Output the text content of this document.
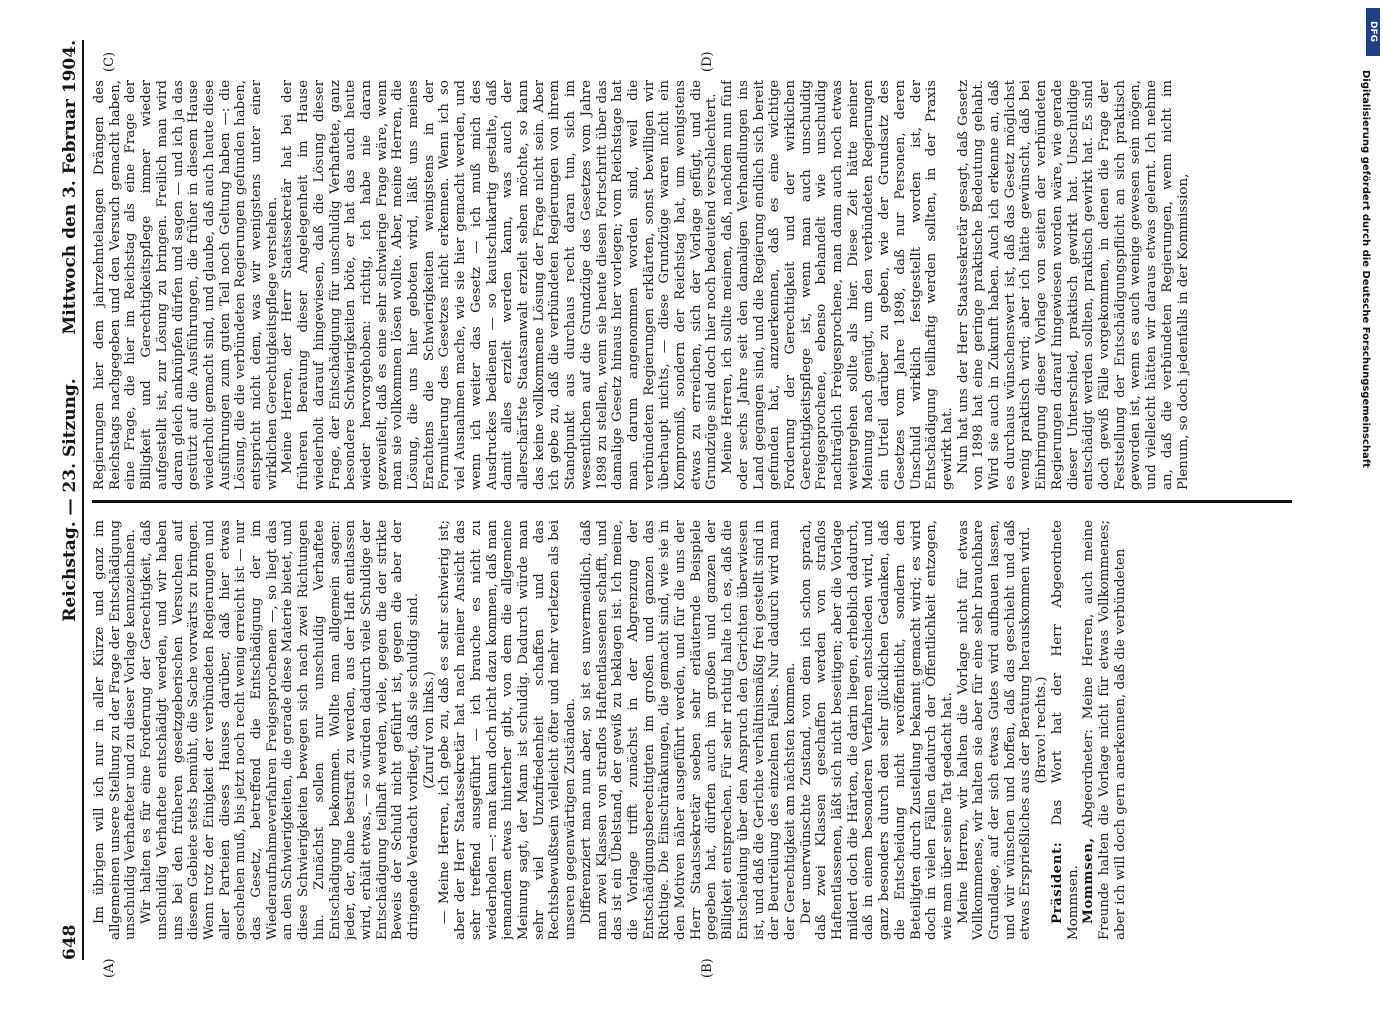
648
Reichstag. — 23. Sitzung.
Mittwoch den 3. Februar 1904.
(A)	(B)
(C)	(D)

Im übrigen will ich nur in aller Kürze und ganz im allgemeinen unsere Stellung zu der Frage der Entschädigung unschuldig Verhafteter und zu dieser Vorlage kennzeichnen. Wir halten es für eine Forderung der Gerechtigkeit, daß unschuldig Verhaftete entschädigt werden, und wir haben uns bei den früheren gesetzgeberischen Versuchen auf diesem Gebiete stets bemüht, die Sache vorwärts zu bringen. Wenn trotz der Einigkeit der verbündeten Regierungen und aller Parteien dieses Hauses darüber, daß hier etwas geschehen muß, bis jetzt noch recht wenig erreicht ist — nur das Gesetz, betreffend die Entschädigung der im Wiederaufnahmeverfahren Freigesprochenen —, so liegt das an den Schwierigkeiten, die gerade diese Materie bietet, und diese Schwierigkeiten bewegen sich nach zwei Richtungen hin. Zunächst sollen nur unschuldig Verhaftete Entschädigung bekommen. Wollte man allgemein sagen: jeder, der, ohne bestraft zu werden, aus der Haft entlassen wird, erhält etwas, — so würden dadurch viele Schuldige der Entschädigung teilhaft werden, viele, gegen die der strikte Beweis der Schuld nicht geführt ist, gegen die aber der dringende Verdacht vorliegt, daß sie schuldig sind. (Zuruf von links.) — Meine Herren, ich gebe zu, daß es sehr schwierig ist; aber der Herr Staatssekretär hat nach meiner Ansicht das sehr treffend ausgeführt — ich brauche es nicht zu wiederholen —: man kann doch nicht dazu kommen, daß man jemandem etwas hinterher gibt, von dem die allgemeine Meinung sagt, der Mann ist schuldig. Dadurch würde man sehr viel Unzufriedenheit schaffen und das Rechtsbewußtsein vielleicht öfter und mehr verletzen als bei unseren gegenwärtigen Zuständen. Differenziert man nun aber, so ist es unvermeidlich, daß man zwei Klassen von straflos Haftentlassenen schafft, und das ist ein Übelstand, der gewiß zu beklagen ist. Ich meine, die Vorlage trifft zunächst in der Abgrenzung der Entschädigungsberechtigten im großen und ganzen das Richtige. Die Einschränkungen, die gemacht sind, wie sie in den Motiven näher ausgeführt werden, und für die uns der Herr Staatssekretär soeben sehr erläuternde Beispiele gegeben hat, dürften auch im großen und ganzen der Billigkeit entsprechen. Für sehr richtig halte ich es, daß die Entscheidung über den Anspruch den Gerichten überwiesen ist, und daß die Gerichte verhältnismäßig frei gestellt sind in der Beurteilung des einzelnen Falles. Nur dadurch wird man der Gerechtigkeit am nächsten kommen. Der unerwünschte Zustand, von dem ich schon sprach, daß zwei Klassen geschaffen werden von straflos Haftentlassenen, läßt sich nicht beseitigen; aber die Vorlage mildert doch die Härten, die darin liegen, erheblich dadurch, daß in einem besonderen Verfahren entschieden wird, und ganz besonders durch den sehr glücklichen Gedanken, daß die Entscheidung nicht veröffentlicht, sondern den Beteiligten durch Zustellung bekannt gemacht wird; es wird doch in vielen Fällen dadurch der Öffentlichkeit entzogen, wie man über seine Tat gedacht hat. Meine Herren, wir halten die Vorlage nicht für etwas Vollkommenes, wir halten sie aber für eine sehr brauchbare Grundlage, auf der sich etwas Gutes wird aufbauen lassen, und wir wünschen und hoffen, daß das geschieht und daß etwas Ersprießliches aus der Beratung herauskommen wird. (Bravo! rechts.)

Präsident: Das Wort hat der Herr Abgeordnete Mommsen. Mommsen, Abgeordneter: Meine Herren, auch meine Freunde halten die Vorlage nicht für etwas Vollkommenes; aber ich will doch gern anerkennen, daß die verbündeten

Regierungen hier dem jahrzehntelangen Drängen des Reichstags nachgegeben und den Versuch gemacht haben, eine Frage, die hier im Reichstag als eine Frage der Billigkeit und Gerechtigkeitspflege immer wieder aufgestellt ist, zur Lösung zu bringen. Freilich man wird daran gleich anknüpfen dürfen und sagen — und ich ja das gestützt auf die Ausführungen, die früher in diesem Hause wiederholt gemacht sind, und glaube, daß auch heute diese Ausführungen zum guten Teil noch Geltung haben —: die Lösung, die die verbündeten Regierungen gefunden haben, entspricht nicht dem, was wir wenigstens unter einer wirklichen Gerechtigkeitspflege verstehen. Meine Herren, der Herr Staatssekretär hat bei der früheren Beratung dieser Angelegenheit im Hause wiederholt darauf hingewiesen, daß die Lösung dieser Frage, der Entschädigung für unschuldig Verhaftete, ganz besondere Schwierigkeiten böte, er hat das auch heute wieder hervorgehoben: richtig, ich habe nie daran gezweifelt, daß es eine sehr schwierige Frage wäre, wenn man sie vollkommen lösen wollte. Aber, meine Herren, die Lösung, die uns hier geboten wird, läßt uns meines Erachtens die Schwierigkeiten wenigstens in der Formulierung des Gesetzes nicht erkennen. Wenn ich so viel Ausnahmen mache, wie sie hier gemacht werden, und wenn ich weiter das Gesetz — ich muß mich des Ausdruckes bedienen — so kautschukartig gestalte, daß damit alles erzielt werden kann, was auch der allerschärfste Staatsanwalt erzielt sehen möchte, so kann das keine vollkommene Lösung der Frage nicht sein. Aber ich gebe zu, daß die verbündeten Regierungen von ihrem Standpunkt aus durchaus recht daran tun, sich im wesentlichen auf die Grundzüge des Gesetzes vom Jahre 1898 zu stellen, wenn sie heute diesen Fortschritt über das damalige Gesetz hinaus hier vorlegen; vom Reichstage hat man darum angenommen worden sind, weil die verbündeten Regierungen erklärten, sonst bewilligen wir überhaupt nichts, — diese Grundzüge waren nicht ein Kompromiß, sondern der Reichstag hat, um wenigstens etwas zu erreichen, sich der Vorlage gefügt, und die Grundzüge sind doch hier noch bedeutend verschlechtert. Meine Herren, ich sollte meinen, daß, nachdem nun fünf oder sechs Jahre seit den damaligen Verhandlungen ins Land gegangen sind, und die Regierung endlich sich bereit gefunden hat, anzuerkennen, daß es eine wichtige Forderung der Gerechtigkeit und der wirklichen Gerechtigkeitspflege ist, wenn man auch unschuldig Freigesprochene, ebenso behandelt wie unschuldig nachträglich Freigesprochene, man dann auch noch etwas weitergehen sollte als hier. Diese Zeit hätte meiner Meinung nach genügt, um den verbündeten Regierungen ein Urteil darüber zu geben, wie der Grundsatz des Gesetzes vom Jahre 1898, daß nur Personen, deren Unschuld wirklich festgestellt worden ist, der Entschädigung teilhaftig werden sollten, in der Praxis gewirkt hat. Nun hat uns der Herr Staatssekretär gesagt, daß Gesetz von 1898 hat eine geringe praktische Bedeutung gehabt. Wird sie auch in Zukunft haben. Auch ich erkenne an, daß es durchaus wünschenswert ist, daß das Gesetz möglichst wenig praktisch wird; aber ich hätte gewünscht, daß bei Einbringung dieser Vorlage von seiten der verbündeten Regierungen darauf hingewiesen worden wäre, wie gerade dieser Unterschied, praktisch gewirkt hat. Unschuldige entschädigt werden sollten, praktisch gewirkt hat. Es sind doch gewiß Fälle vorgekommen, in denen die Frage der Feststellung der Entschädigungspflicht an sich praktisch geworden ist, wenn es auch wenige gewesen sein mögen, und vielleicht hätten wir daraus etwas gelernt. Ich nehme an, daß die verbündeten Regierungen, wenn nicht im Plenum, so doch jedenfalls in der Kommission,

DFG
Digitalisierung gefördert durch die Deutsche Forschungsgemeinschaft
